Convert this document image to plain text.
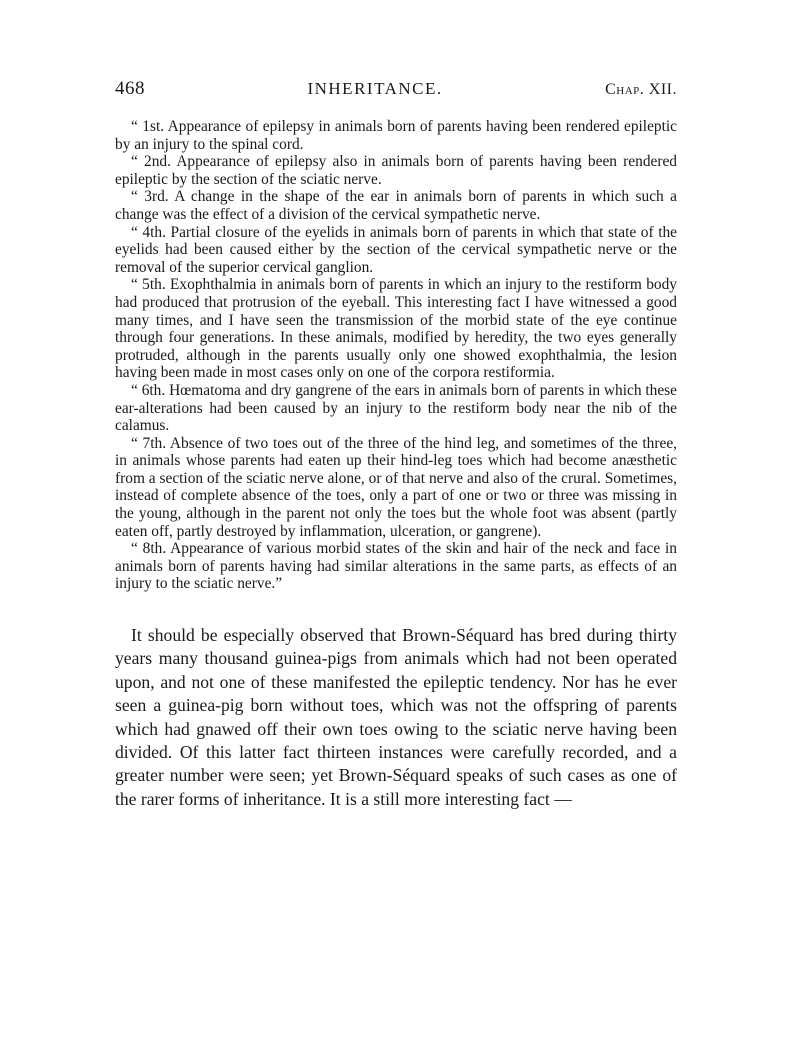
468	INHERITANCE.	Chap. XII.

“ 1st. Appearance of epilepsy in animals born of parents having been rendered epileptic by an injury to the spinal cord.

“ 2nd. Appearance of epilepsy also in animals born of parents having been rendered epileptic by the section of the sciatic nerve.

“ 3rd. A change in the shape of the ear in animals born of parents in which such a change was the effect of a division of the cervical sympathetic nerve.

“ 4th. Partial closure of the eyelids in animals born of parents in which that state of the eyelids had been caused either by the section of the cervical sympathetic nerve or the removal of the superior cervical ganglion.

“ 5th. Exophthalmia in animals born of parents in which an injury to the restiform body had produced that protrusion of the eyeball. This interesting fact I have witnessed a good many times, and I have seen the transmission of the morbid state of the eye continue through four generations. In these animals, modified by heredity, the two eyes generally protruded, although in the parents usually only one showed exophthalmia, the lesion having been made in most cases only on one of the corpora restiformia.

“ 6th. Hœmatoma and dry gangrene of the ears in animals born of parents in which these ear-alterations had been caused by an injury to the restiform body near the nib of the calamus.

“ 7th. Absence of two toes out of the three of the hind leg, and sometimes of the three, in animals whose parents had eaten up their hind-leg toes which had become anæsthetic from a section of the sciatic nerve alone, or of that nerve and also of the crural. Sometimes, instead of complete absence of the toes, only a part of one or two or three was missing in the young, although in the parent not only the toes but the whole foot was absent (partly eaten off, partly destroyed by inflammation, ulceration, or gangrene).

“ 8th. Appearance of various morbid states of the skin and hair of the neck and face in animals born of parents having had similar alterations in the same parts, as effects of an injury to the sciatic nerve.”

It should be especially observed that Brown-Séquard has bred during thirty years many thousand guinea-pigs from animals which had not been operated upon, and not one of these manifested the epileptic tendency. Nor has he ever seen a guinea-pig born without toes, which was not the offspring of parents which had gnawed off their own toes owing to the sciatic nerve having been divided. Of this latter fact thirteen instances were carefully recorded, and a greater number were seen; yet Brown-Séquard speaks of such cases as one of the rarer forms of inheritance. It is a still more interesting fact —
